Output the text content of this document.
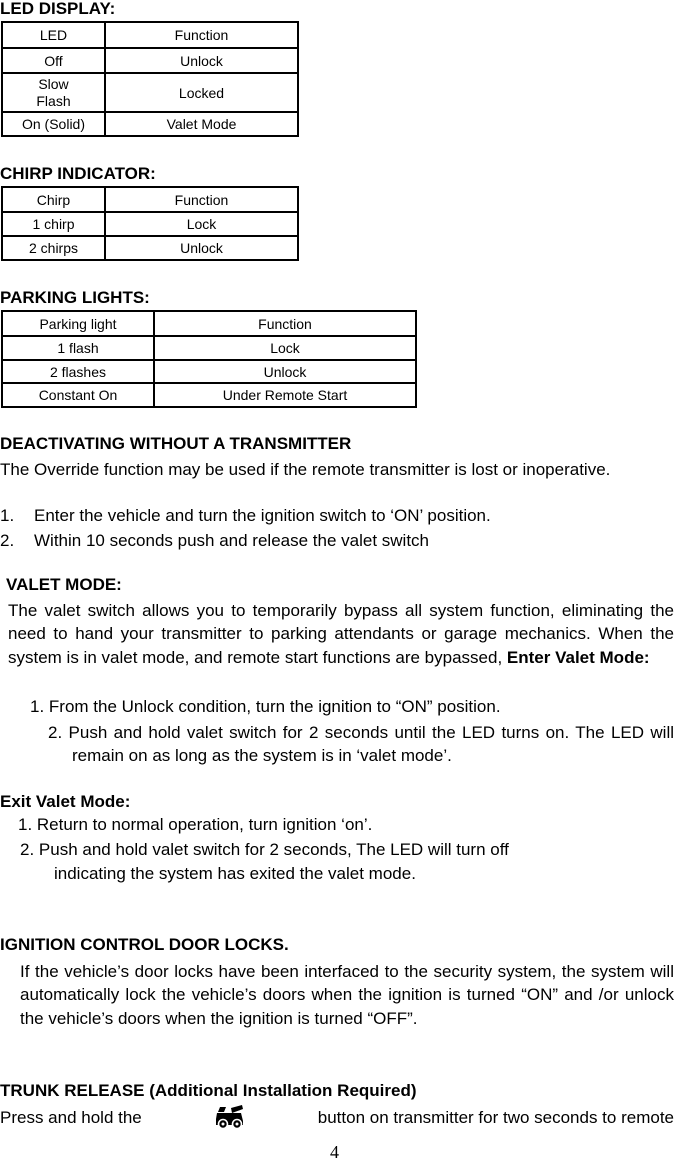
LED DISPLAY:
LED	Function
Off	Unlock
Slow Flash	Locked
On (Solid)	Valet Mode
CHIRP INDICATOR:
Chirp	Function
1 chirp	Lock
2 chirps	Unlock
PARKING LIGHTS:
Parking light	Function
1 flash	Lock
2 flashes	Unlock
Constant On	Under Remote Start
DEACTIVATING WITHOUT A TRANSMITTER
The Override function may be used if the remote transmitter is lost or inoperative.
1. Enter the vehicle and turn the ignition switch to ‘ON’ position.
2. Within 10 seconds push and release the valet switch
VALET MODE:
The valet switch allows you to temporarily bypass all system function, eliminating the need to hand your transmitter to parking attendants or garage mechanics. When the system is in valet mode, and remote start functions are bypassed, Enter Valet Mode:
1. From the Unlock condition, turn the ignition to “ON” position.
2. Push and hold valet switch for 2 seconds until the LED turns on. The LED will remain on as long as the system is in ‘valet mode’.
Exit Valet Mode:
1. Return to normal operation, turn ignition ‘on’.
2. Push and hold valet switch for 2 seconds, The LED will turn off
indicating the system has exited the valet mode.
IGNITION CONTROL DOOR LOCKS.
If the vehicle’s door locks have been interfaced to the security system, the system will automatically lock the vehicle’s doors when the ignition is turned “ON” and /or unlock the vehicle’s doors when the ignition is turned “OFF”.
TRUNK RELEASE (Additional Installation Required)
Press and hold the	button on transmitter for two seconds to remote
4
